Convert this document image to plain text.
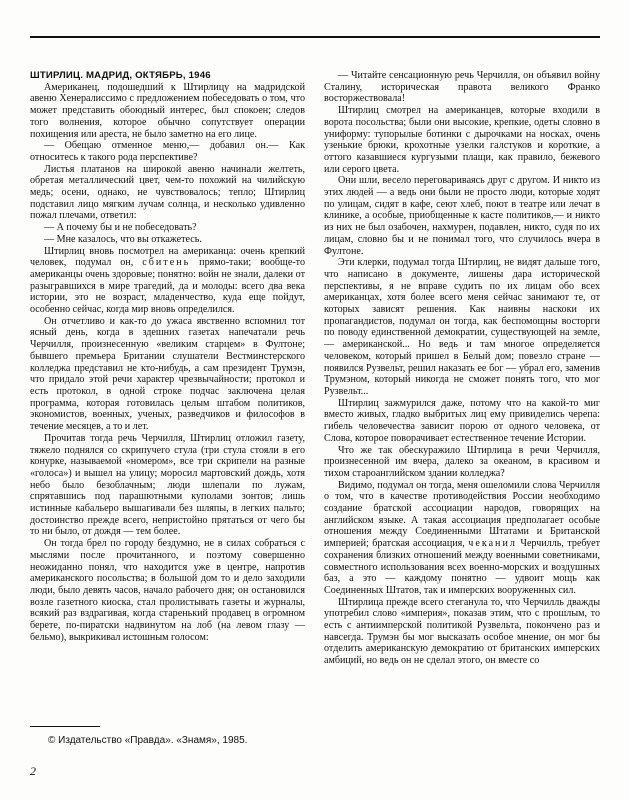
ШТИРЛИЦ. МАДРИД, ОКТЯБРЬ, 1946

Американец, подошедший к Штирлицу на мадридской авеню Хенералиссимо с предложением побеседовать о том, что может представить обоюдный интерес, был спокоен; следов того волнения, которое обычно сопутствует операции похищения или ареста, не было заметно на его лице.

— Обещаю отменное меню,— добавил он.— Как относитесь к такого рода перспективе?

Листья платанов на широкой авеню начинали желтеть, обретая металлический цвет, чем-то похожий на чилийскую медь; осени, однако, не чувствовалось; тепло; Штирлиц подставил лицо мягким лучам солнца, и несколько удивленно пожал плечами, ответил:

— А почему бы и не побеседовать?

— Мне казалось, что вы откажетесь.

Штирлиц вновь посмотрел на американца: очень крепкий человек, подумал он, сбитень прямо-таки; вообще-то американцы очень здоровые; понятно: войн не знали, далеки от разыгравшихся в мире трагедий, да и молоды: всего два века истории, это не возраст, младенчество, куда еще пойдут, особенно сейчас, когда мир вновь определился.

Он отчетливо и как-то до ужаса явственно вспомнил тот ясный день, когда в здешних газетах напечатали речь Черчилля, произнесенную «великим старцем» в Фултоне; бывшего премьера Британии слушатели Вестминстерского колледжа представил не кто-нибудь, а сам президент Трумэн, что придало этой речи характер чрезвычайности; протокол и есть протокол, в одной строке подчас заключена целая программа, которая готовилась целым штабом политиков, экономистов, военных, ученых, разведчиков и философов в течение месяцев, а то и лет.

Прочитав тогда речь Черчилля, Штирлиц отложил газету, тяжело поднялся со скрипучего стула (три стула стояли в его конурке, называемой «номером», все три скрипели на разные «голоса») и вышел на улицу; моросил мартовский дождь, хотя небо было безоблачным; люди шлепали по лужам, спрятавшись под парашютными куполами зонтов; лишь истинные кабальеро вышагивали без шляпы, в легких пальто; достоинство прежде всего, непристойно прятаться от чего бы то ни было, от дождя — тем более.

Он тогда брел по городу бездумно, не в силах собраться с мыслями после прочитанного, и поэтому совершенно неожиданно понял, что находится уже в центре, напротив американского посольства; в большой дом то и дело заходили люди, было девять часов, начало рабочего дня; он остановился возле газетного киоска, стал пролистывать газеты и журналы, всякий раз вздрагивая, когда старенький продавец в огромном берете, по-пиратски надвинутом на лоб (на левом глазу — бельмо), выкрикивал истошным голосом:

— Читайте сенсационную речь Черчилля, он объявил войну Сталину, историческая правота великого Франко восторжествовала!

Штирлиц смотрел на американцев, которые входили в ворота посольства; были они высокие, крепкие, одеты словно в униформу: тупорылые ботинки с дырочками на носках, очень узенькие брюки, крохотные узелки галстуков и короткие, а оттого казавшиеся кургузыми плащи, как правило, бежевого или серого цвета.

Они шли, весело переговариваясь друг с другом. И никто из этих людей — а ведь они были не просто люди, которые ходят по улицам, сидят в кафе, сеют хлеб, поют в театре или лечат в клинике, а особые, приобщенные к касте политиков,— и никто из них не был озабочен, нахмурен, подавлен, никто, судя по их лицам, словно бы и не понимал того, что случилось вчера в Фултоне.

Эти клерки, подумал тогда Штирлиц, не видят дальше того, что написано в документе, лишены дара исторической перспективы, я не вправе судить по их лицам обо всех американцах, хотя более всего меня сейчас занимают те, от которых зависят решения. Как наивны наскоки их пропагандистов, подумал он тогда, как беспомощны восторги по поводу единственной демократии, существующей на земле,— американской... Но ведь и там многое определяется человеком, который пришел в Белый дом; повезло стране — появился Рузвельт, решил наказать ее бог — убрал его, заменив Трумэном, который никогда не сможет понять того, что мог Рузвельт...

Штирлиц зажмурился даже, потому что на какой-то миг вместо живых, гладко выбритых лиц ему привиделись черепа: гибель человечества зависит порою от одного человека, от Слова, которое поворачивает естественное течение Истории.

Что же так обескуражило Штирлица в речи Черчилля, произнесенной им вчера, далеко за океаном, в красивом и тихом староанглийском здании колледжа?

Видимо, подумал он тогда, меня ошеломили слова Черчилля о том, что в качестве противодействия России необходимо создание братской ассоциации народов, говорящих на английском языке. А такая ассоциация предполагает особые отношения между Соединенными Штатами и Британской империей; братская ассоциация, чеканил Черчилль, требует сохранения близких отношений между военными советниками, совместного использования всех военно-морских и воздушных баз, а это — каждому понятно — удвоит мощь как Соединенных Штатов, так и имперских вооруженных сил.

Штирлица прежде всего стеганула то, что Черчилль дважды употребил слово «империя», показав этим, что с прошлым, то есть с антиимперской политикой Рузвельта, покончено раз и навсегда. Трумэн бы мог высказать особое мнение, он мог бы отделить американскую демократию от британских имперских амбиций, но ведь он не сделал этого, он вместе со

© Издательство «Правда». «Знамя», 1985.
2
